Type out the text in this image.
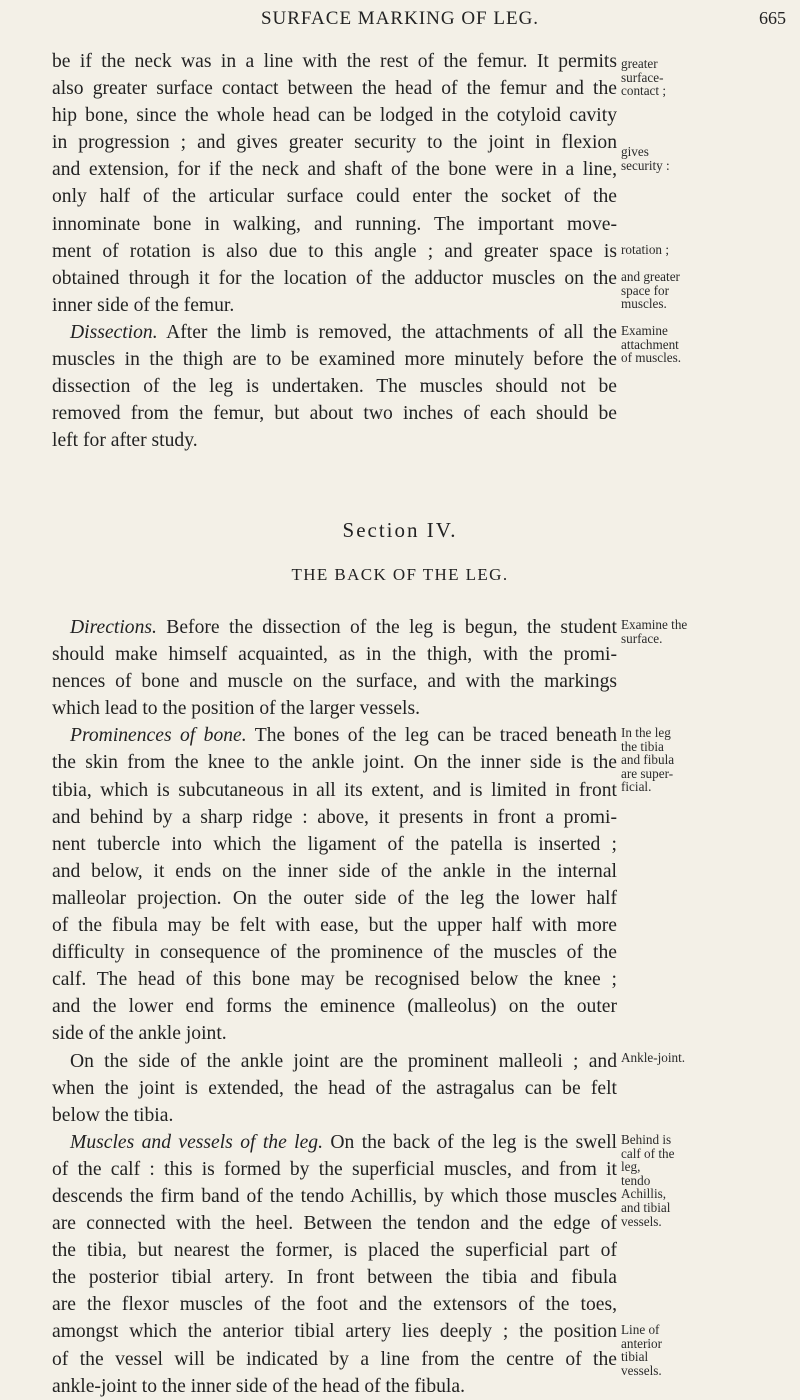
SURFACE MARKING OF LEG.	665
be if the neck was in a line with the rest of the femur. It permits
also greater surface contact between the head of the femur and the
hip bone, since the whole head can be lodged in the cotyloid cavity
in progression ; and gives greater security to the joint in flexion
and extension, for if the neck and shaft of the bone were in a line,
only half of the articular surface could enter the socket of the
innominate bone in walking, and running. The important move-
ment of rotation is also due to this angle ; and greater space is
obtained through it for the location of the adductor muscles on the
inner side of the femur.
Dissection. After the limb is removed, the attachments of all the
muscles in the thigh are to be examined more minutely before the
dissection of the leg is undertaken. The muscles should not be
removed from the femur, but about two inches of each should be
left for after study.
Section IV.
THE BACK OF THE LEG.
Directions. Before the dissection of the leg is begun, the student
should make himself acquainted, as in the thigh, with the promi-
nences of bone and muscle on the surface, and with the markings
which lead to the position of the larger vessels.
Prominences of bone. The bones of the leg can be traced beneath
the skin from the knee to the ankle joint. On the inner side is the
tibia, which is subcutaneous in all its extent, and is limited in front
and behind by a sharp ridge : above, it presents in front a promi-
nent tubercle into which the ligament of the patella is inserted ;
and below, it ends on the inner side of the ankle in the internal
malleolar projection. On the outer side of the leg the lower half
of the fibula may be felt with ease, but the upper half with more
difficulty in consequence of the prominence of the muscles of the
calf. The head of this bone may be recognised below the knee ;
and the lower end forms the eminence (malleolus) on the outer
side of the ankle joint.
On the side of the ankle joint are the prominent malleoli ; and
when the joint is extended, the head of the astragalus can be felt
below the tibia.
Muscles and vessels of the leg. On the back of the leg is the swell
of the calf : this is formed by the superficial muscles, and from it
descends the firm band of the tendo Achillis, by which those muscles
are connected with the heel. Between the tendon and the edge of
the tibia, but nearest the former, is placed the superficial part of
the posterior tibial artery. In front between the tibia and fibula
are the flexor muscles of the foot and the extensors of the toes,
amongst which the anterior tibial artery lies deeply ; the position
of the vessel will be indicated by a line from the centre of the
ankle-joint to the inner side of the head of the fibula.
greater
surface-
contact ;
gives
security :
rotation ;
and greater
space for
muscles.
Examine
attachment
of muscles.
Examine the
surface.
In the leg
the tibia
and fibula
are super-
ficial.
Ankle-joint.
Behind is
calf of the
leg,
tendo
Achillis,
and tibial
vessels.
Line of
anterior
tibial
vessels.
